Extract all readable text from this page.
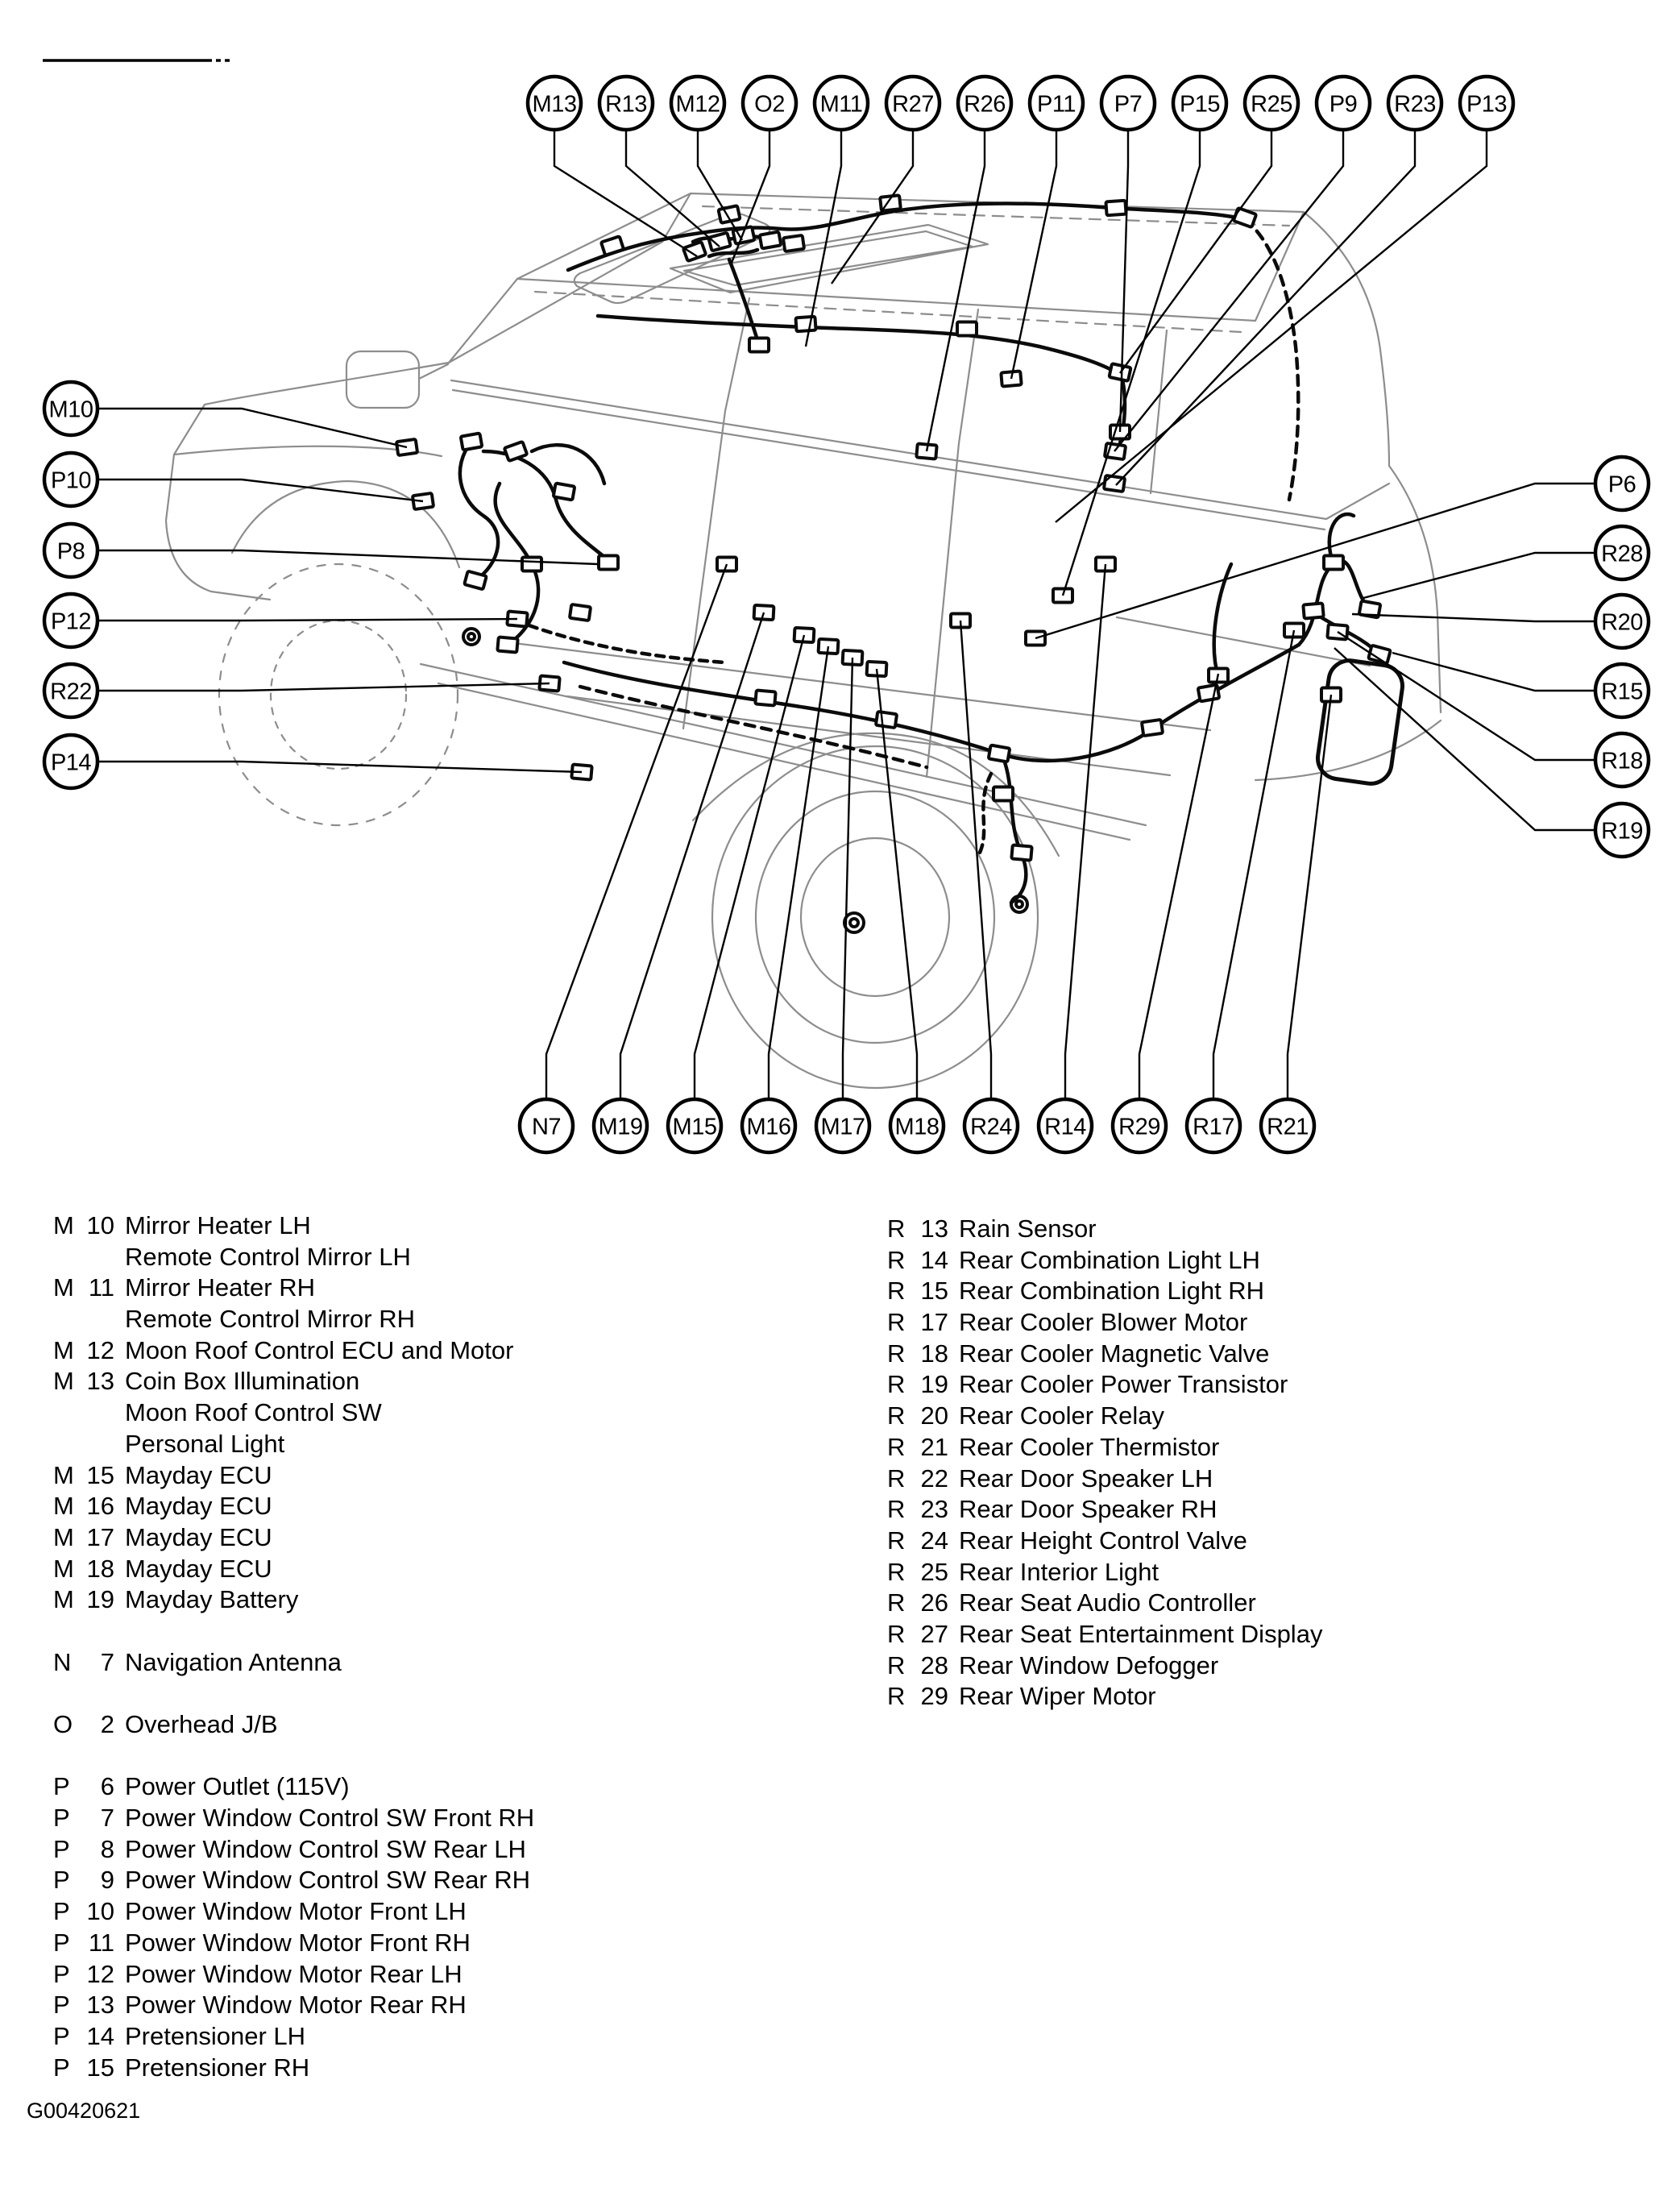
M13 R13 M12 O2 M11 R27 R26 P11 P7 P15 R25 P9 R23 P13
M10
P10
P8
P12
R22
P14
P6
R28
R20
R15
R18
R19
N7 M19 M15 M16 M17 M18 R24 R14 R29 R17 R21
M 10 Mirror Heater LH
Remote Control Mirror LH
M 11 Mirror Heater RH
Remote Control Mirror RH
M 12 Moon Roof Control ECU and Motor
M 13 Coin Box Illumination
Moon Roof Control SW
Personal Light
M 15 Mayday ECU
M 16 Mayday ECU
M 17 Mayday ECU
M 18 Mayday ECU
M 19 Mayday Battery
N	7 Navigation Antenna
O	2 Overhead J/B
P	6 Power Outlet (115V)
P	7 Power Window Control SW Front RH
P	8 Power Window Control SW Rear LH
P	9 Power Window Control SW Rear RH
P 10 Power Window Motor Front LH
P 11 Power Window Motor Front RH
P 12 Power Window Motor Rear LH
P 13 Power Window Motor Rear RH
P 14 Pretensioner LH
P 15 Pretensioner RH
R 13 Rain Sensor
R 14 Rear Combination Light LH
R 15 Rear Combination Light RH
R 17 Rear Cooler Blower Motor
R 18 Rear Cooler Magnetic Valve
R 19 Rear Cooler Power Transistor
R 20 Rear Cooler Relay
R 21 Rear Cooler Thermistor
R 22 Rear Door Speaker LH
R 23 Rear Door Speaker RH
R 24 Rear Height Control Valve
R 25 Rear Interior Light
R 26 Rear Seat Audio Controller
R 27 Rear Seat Entertainment Display
R 28 Rear Window Defogger
R 29 Rear Wiper Motor
G00420621
